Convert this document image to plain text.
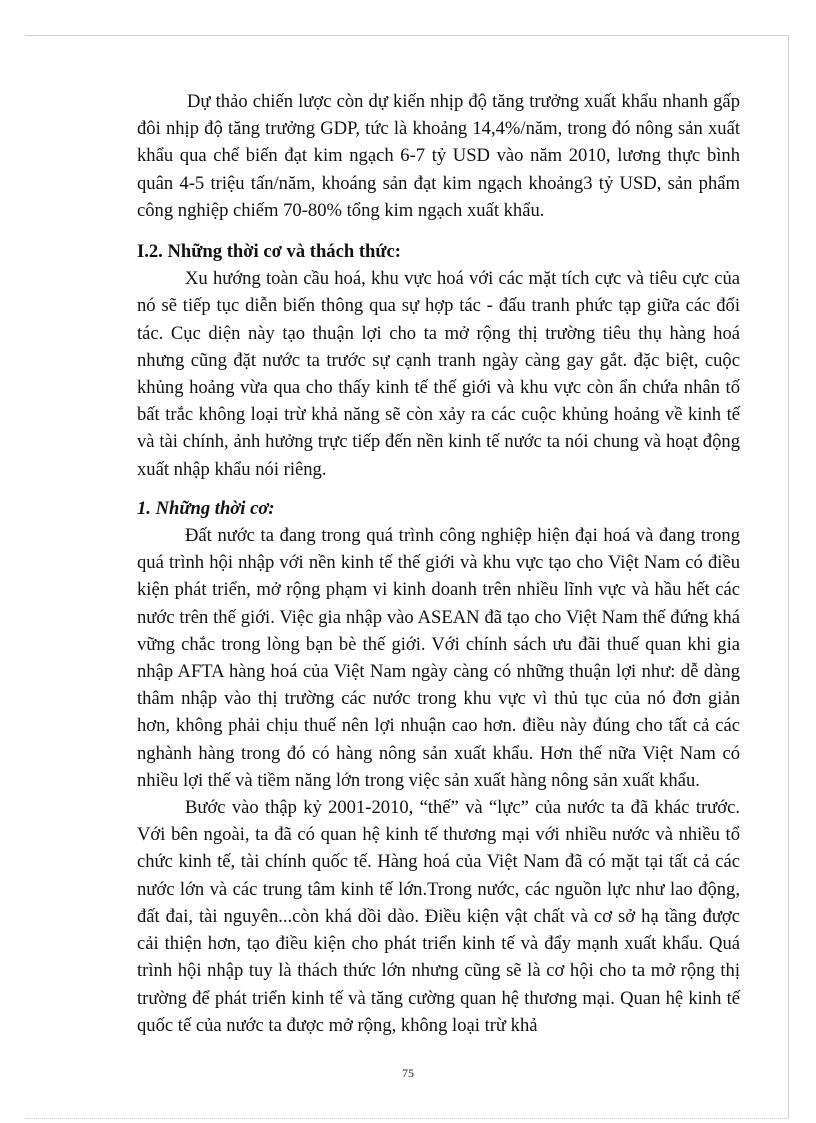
Dự thảo chiến lược còn dự kiến nhịp độ tăng trưởng xuất khẩu nhanh gấp đôi nhịp độ tăng trưởng GDP, tức là khoảng 14,4%/năm, trong đó nông sản xuất khẩu qua chế biến đạt kim ngạch 6-7 tỷ USD vào năm 2010, lương thực bình quân 4-5 triệu tấn/năm, khoáng sản đạt kim ngạch khoảng3 tỷ USD, sản phẩm công nghiệp chiếm 70-80% tổng kim ngạch xuất khẩu.

I.2. Những thời cơ và thách thức:

Xu hướng toàn cầu hoá, khu vực hoá với các mặt tích cực và tiêu cực của nó sẽ tiếp tục diễn biến thông qua sự hợp tác - đấu tranh phức tạp giữa các đối tác. Cục diện này tạo thuận lợi cho ta mở rộng thị trường tiêu thụ hàng hoá nhưng cũng đặt nước ta trước sự cạnh tranh ngày càng gay gắt. đặc biệt, cuộc khủng hoảng vừa qua cho thấy kinh tế thế giới và khu vực còn ẩn chứa nhân tố bất trắc không loại trừ khả năng sẽ còn xảy ra các cuộc khủng hoảng về kinh tế và tài chính, ảnh hưởng trực tiếp đến nền kinh tế nước ta nói chung và hoạt động xuất nhập khẩu nói riêng.

1. Những thời cơ:

Đất nước ta đang trong quá trình công nghiệp hiện đại hoá và đang trong quá trình hội nhập với nền kinh tế thế giới và khu vực tạo cho Việt Nam có điều kiện phát triển, mở rộng phạm vi kinh doanh trên nhiều lĩnh vực và hầu hết các nước trên thế giới. Việc gia nhập vào ASEAN đã tạo cho Việt Nam thế đứng khá vững chắc trong lòng bạn bè thế giới. Với chính sách ưu đãi thuế quan khi gia nhập AFTA hàng hoá của Việt Nam ngày càng có những thuận lợi như: dễ dàng thâm nhập vào thị trường các nước trong khu vực vì thủ tục của nó đơn giản hơn, không phải chịu thuế nên lợi nhuận cao hơn. điều này đúng cho tất cả các nghành hàng trong đó có hàng nông sản xuất khẩu. Hơn thế nữa Việt Nam có nhiều lợi thế và tiềm năng lớn trong việc sản xuất hàng nông sản xuất khẩu.

Bước vào thập kỷ 2001-2010, “thế” và “lực” của nước ta đã khác trước. Với bên ngoài, ta đã có quan hệ kinh tế thương mại với nhiều nước và nhiều tổ chức kinh tế, tài chính quốc tế. Hàng hoá của Việt Nam đã có mặt tại tất cả các nước lớn và các trung tâm kinh tế lớn.Trong nước, các nguồn lực như lao động, đất đai, tài nguyên...còn khá dồi dào. Điều kiện vật chất và cơ sở hạ tầng được cải thiện hơn, tạo điều kiện cho phát triển kinh tế và đẩy mạnh xuất khẩu. Quá trình hội nhập tuy là thách thức lớn nhưng cũng sẽ là cơ hội cho ta mở rộng thị trường để phát triển kinh tế và tăng cường quan hệ thương mại. Quan hệ kinh tế quốc tế của nước ta được mở rộng, không loại trừ khả

75
